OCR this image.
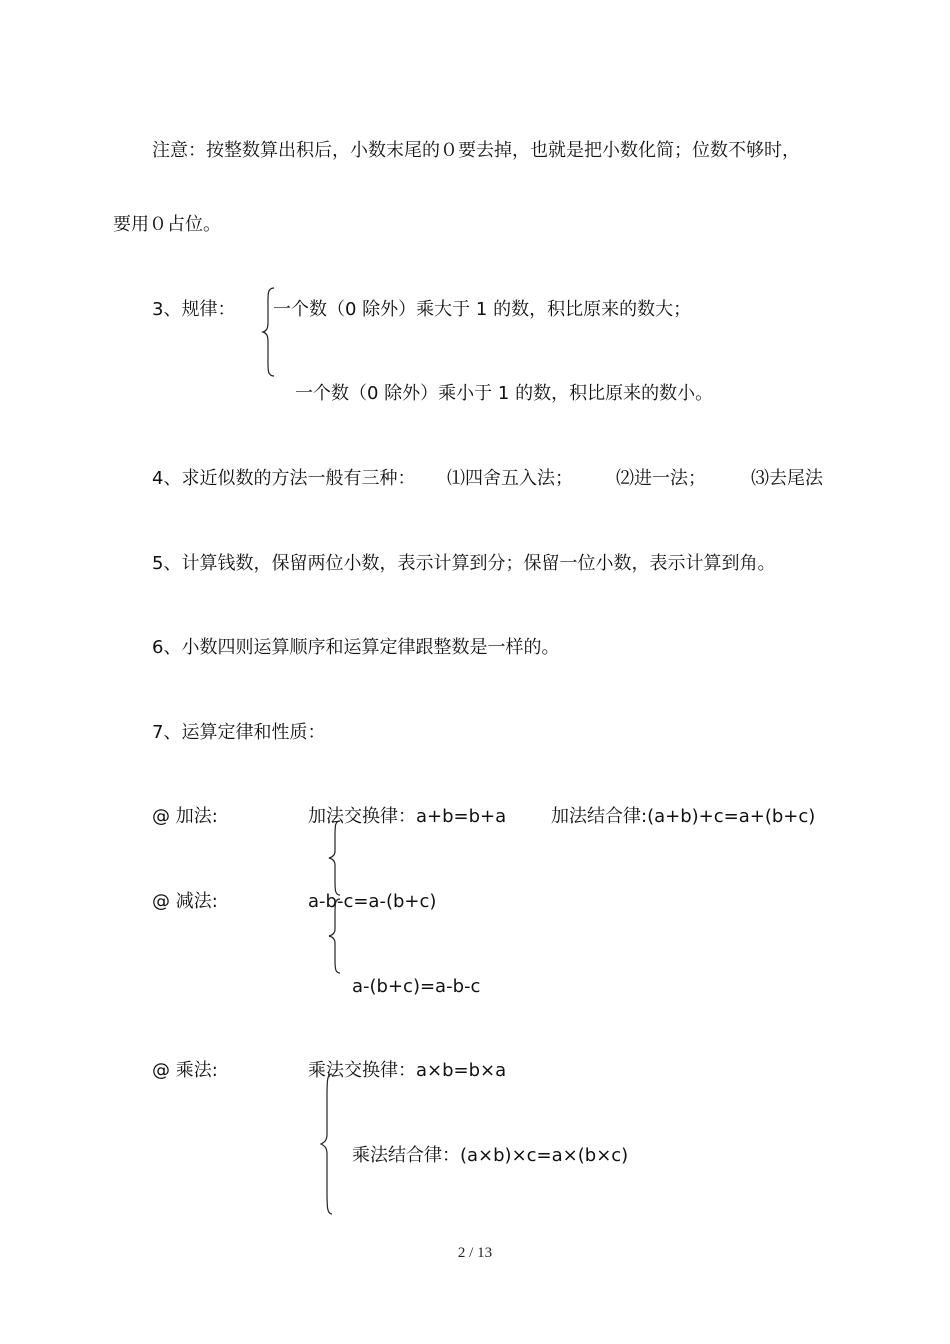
注意：按整数算出积后，小数末尾的０要去掉，也就是把小数化简；位数不够时，
要用０占位。
3、规律： 一个数（0 除外）乘大于 1 的数，积比原来的数大；
一个数（0 除外）乘小于 1 的数，积比原来的数小。
4、求近似数的方法一般有三种： ⑴四舍五入法； ⑵进一法；	⑶去尾法
5、计算钱数，保留两位小数，表示计算到分；保留一位小数，表示计算到角。
6、小数四则运算顺序和运算定律跟整数是一样的。
7、运算定律和性质：
@ 加法:	加法交换律：a+b=b+a 加法结合律:(a+b)+c=a+(b+c)
@ 减法:	a-b-c=a-(b+c)
a-(b+c)=a-b-c
@ 乘法:	乘法交换律：a×b=b×a
乘法结合律：(a×b)×c=a×(b×c)
2 / 13
